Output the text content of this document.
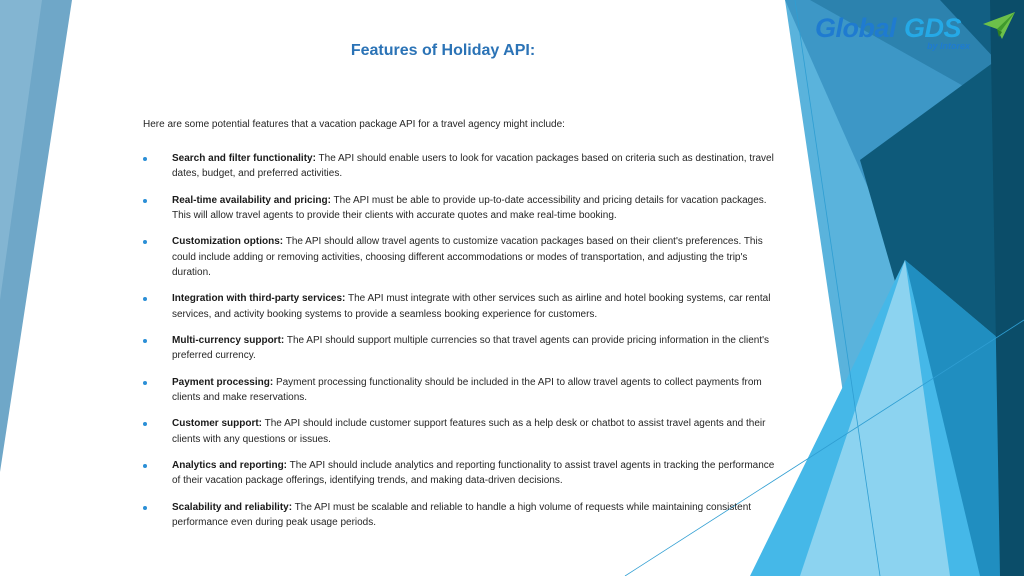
Global GDS
by Intorex
Features of Holiday API:

Here are some potential features that a vacation package API for a travel agency might include:

Search and filter functionality: The API should enable users to look for vacation packages based on criteria such as destination, travel dates, budget, and preferred activities.
Real-time availability and pricing: The API must be able to provide up-to-date accessibility and pricing details for vacation packages. This will allow travel agents to provide their clients with accurate quotes and make real-time booking.
Customization options: The API should allow travel agents to customize vacation packages based on their client's preferences. This could include adding or removing activities, choosing different accommodations or modes of transportation, and adjusting the trip's duration.
Integration with third-party services: The API must integrate with other services such as airline and hotel booking systems, car rental services, and activity booking systems to provide a seamless booking experience for customers.
Multi-currency support: The API should support multiple currencies so that travel agents can provide pricing information in the client's preferred currency.
Payment processing: Payment processing functionality should be included in the API to allow travel agents to collect payments from clients and make reservations.
Customer support: The API should include customer support features such as a help desk or chatbot to assist travel agents and their clients with any questions or issues.
Analytics and reporting: The API should include analytics and reporting functionality to assist travel agents in tracking the performance of their vacation package offerings, identifying trends, and making data-driven decisions.
Scalability and reliability: The API must be scalable and reliable to handle a high volume of requests while maintaining consistent performance even during peak usage periods.
